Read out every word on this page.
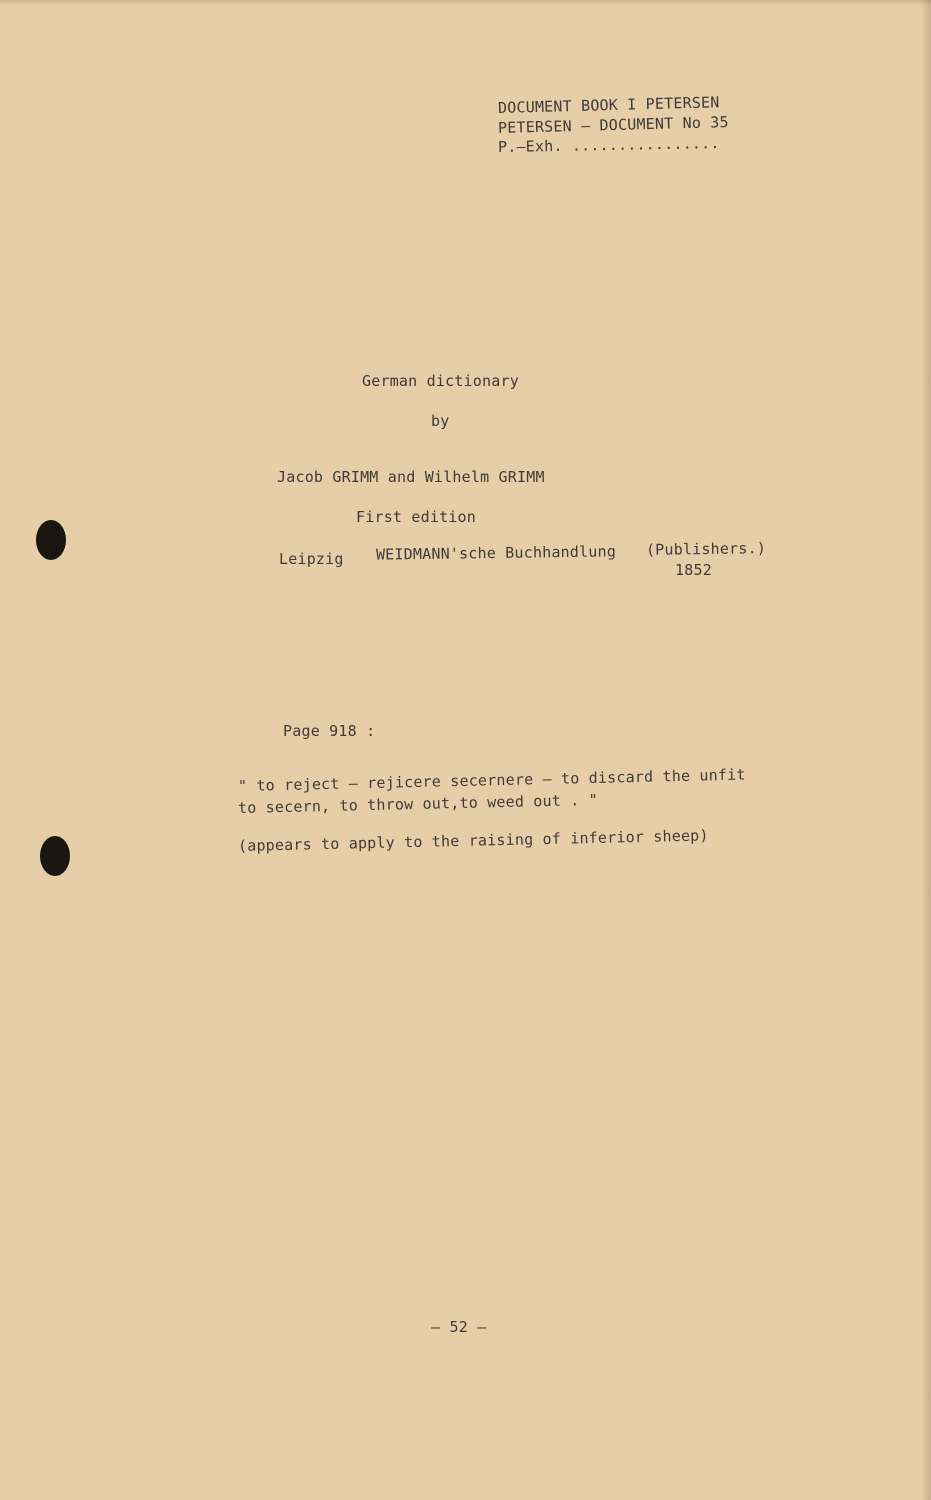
DOCUMENT BOOK I PETERSEN
PETERSEN – DOCUMENT No 35
P.–Exh. ................
German dictionary
by
Jacob GRIMM and Wilhelm GRIMM
First edition
Leipzig WEIDMANN'sche Buchhandlung (Publishers.)
1852
Page 918 :
" to reject – rejicere secernere – to discard the unfit
to secern, to throw out,to weed out . "
(appears to apply to the raising of inferior sheep)
– 52 –
